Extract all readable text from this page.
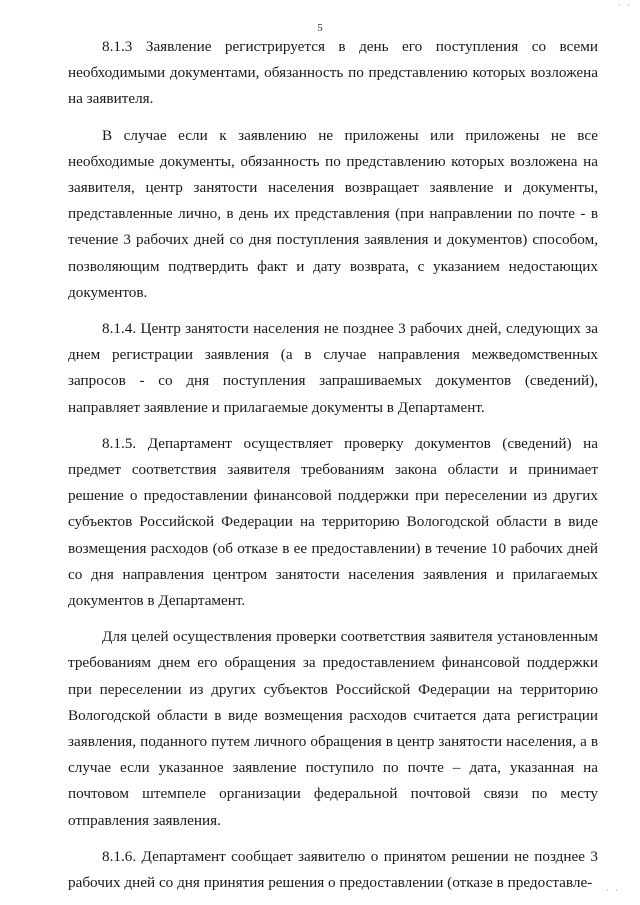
· ·
5

8.1.3 Заявление регистрируется в день его поступления со всеми необходимыми документами, обязанность по представлению которых возложена на заявителя.

В случае если к заявлению не приложены или приложены не все необходимые документы, обязанность по представлению которых возложена на заявителя, центр занятости населения возвращает заявление и документы, представленные лично, в день их представления (при направлении по почте - в течение 3 рабочих дней со дня поступления заявления и документов) способом, позволяющим подтвердить факт и дату возврата, с указанием недостающих документов.

8.1.4. Центр занятости населения не позднее 3 рабочих дней, следующих за днем регистрации заявления (а в случае направления межведомственных запросов - со дня поступления запрашиваемых документов (сведений), направляет заявление и прилагаемые документы в Департамент.

8.1.5. Департамент осуществляет проверку документов (сведений) на предмет соответствия заявителя требованиям закона области и принимает решение о предоставлении финансовой поддержки при переселении из других субъектов Российской Федерации на территорию Вологодской области в виде возмещения расходов (об отказе в ее предоставлении) в течение 10 рабочих дней со дня направления центром занятости населения заявления и прилагаемых документов в Департамент.

Для целей осуществления проверки соответствия заявителя установленным требованиям днем его обращения за предоставлением финансовой поддержки при переселении из других субъектов Российской Федерации на территорию Вологодской области в виде возмещения расходов считается дата регистрации заявления, поданного путем личного обращения в центр занятости населения, а в случае если указанное заявление поступило по почте – дата, указанная на почтовом штемпеле организации федеральной почтовой связи по месту отправления заявления.

8.1.6. Департамент сообщает заявителю о принятом решении не позднее 3 рабочих дней со дня принятия решения о предоставлении (отказе в предоставле-	· ·
